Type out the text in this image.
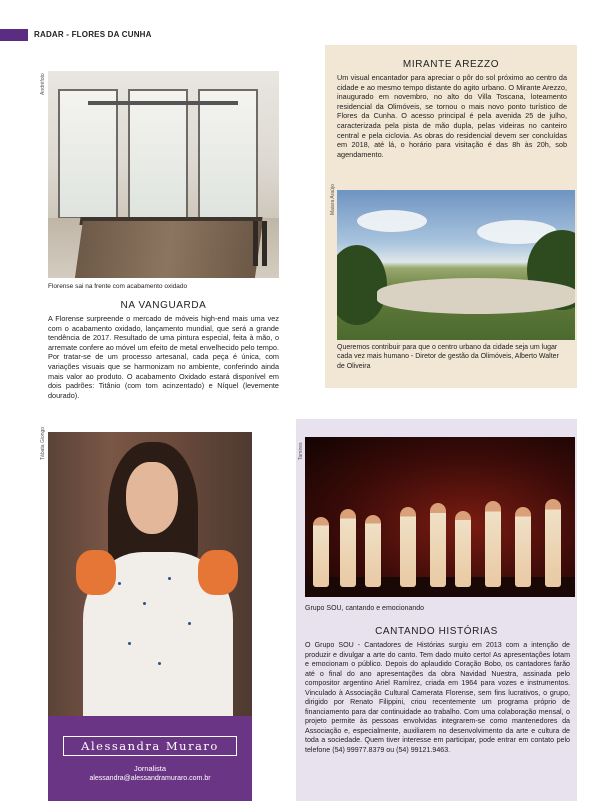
RADAR - FLORES DA CUNHA
Andréfoto
Florense sai na frente com acabamento oxidado
NA VANGUARDA
A Florense surpreende o mercado de móveis high-end mais uma vez com o acabamento oxidado, lançamento mundial, que será a grande tendência de 2017. Resultado de uma pintura especial, feita à mão, o arremate confere ao móvel um efeito de metal envelhecido pelo tempo. Por tratar-se de um processo artesanal, cada peça é única, com variações visuais que se harmonizam no ambiente, conferindo ainda mais valor ao produto. O acabamento Oxidado estará disponível em dois padrões: Titânio (com tom acinzentado) e Níquel (levemente dourado).
MIRANTE AREZZO
Um visual encantador para apreciar o pôr do sol próximo ao centro da cidade e ao mesmo tempo distante do agito urbano. O Mirante Arezzo, inaugurado em novembro, no alto do Villa Toscana, loteamento residencial da Olimóveis, se tornou o mais novo ponto turístico de Flores da Cunha. O acesso principal é pela avenida 25 de julho, caracterizada pela pista de mão dupla, pelas videiras no canteiro central e pela ciclovia. As obras do residencial devem ser concluídas em 2018, até lá, o horário para visitação é das 8h às 20h, sob agendamento.
Maiara Araújo
Queremos contribuir para que o centro urbano da cidade seja um lugar cada vez mais humano - Diretor de gestão da Olimóveis, Alberto Walter de Oliveira
Tábata Giongo
Alessandra Muraro
Jornalista
alessandra@alessandramuraro.com.br
Tamires
Grupo SOU, cantando e emocionando
CANTANDO HISTÓRIAS
O Grupo SOU - Cantadores de Histórias surgiu em 2013 com a intenção de produzir e divulgar a arte do canto. Tem dado muito certo! As apresentações lotam e emocionam o público. Depois do aplaudido Coração Bobo, os cantadores farão até o final do ano apresentações da obra Navidad Nuestra, assinada pelo compositor argentino Ariel Ramírez, criada em 1964 para vozes e instrumentos. Vinculado à Associação Cultural Camerata Florense, sem fins lucrativos, o grupo, dirigido por Renato Filippini, criou recentemente um programa próprio de financiamento para dar continuidade ao trabalho. Com uma colaboração mensal, o projeto permite às pessoas envolvidas integrarem-se como mantenedores da Associação e, especialmente, auxiliarem no desenvolvimento da arte e cultura de toda a sociedade. Quem tiver interesse em participar, pode entrar em contato pelo telefone (54) 99977.8379 ou (54) 99121.9463.
